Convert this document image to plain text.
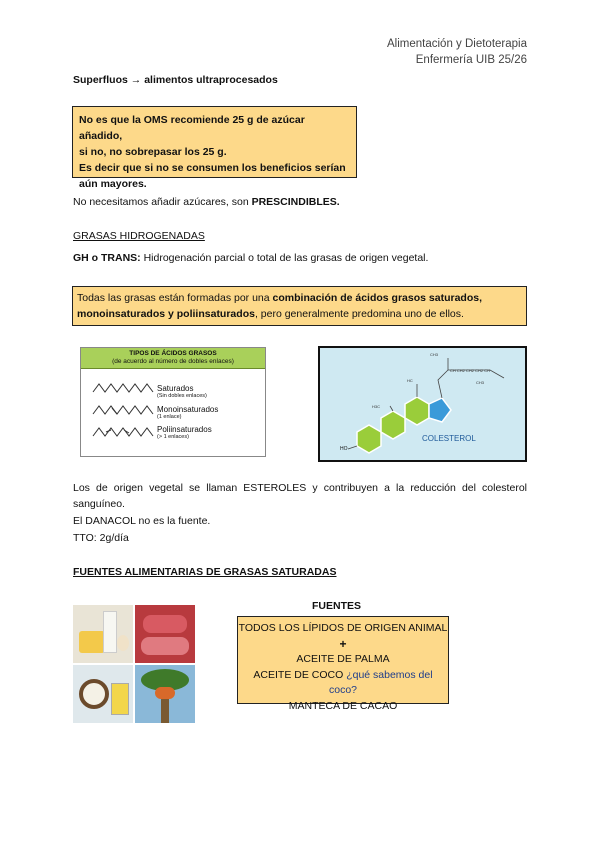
Alimentación y Dietoterapia
Enfermería UIB 25/26
Superfluos → alimentos ultraprocesados
No es que la OMS recomiende 25 g de azúcar añadido,
si no, no sobrepasar los 25 g.
Es decir que si no se consumen los beneficios serían
aún mayores.
No necesitamos añadir azúcares, son PRESCINDIBLES.
GRASAS HIDROGENADAS
GH o TRANS: Hidrogenación parcial o total de las grasas de origen vegetal.
Todas las grasas están formadas por una combinación de ácidos grasos saturados,
monoinsaturados y poliinsaturados, pero generalmente predomina uno de ellos.
TIPOS DE ÁCIDOS GRASOS
(de acuerdo al número de dobles enlaces)
Saturados
(Sin dobles enlaces)
Monoinsaturados
(1 enlace)
Poliinsaturados
(> 1 enlaces)
CH3
HC
CH CH2 CH2 CH2 CH
CH3
H3C
HO
COLESTEROL
Los de origen vegetal se llaman ESTEROLES y contribuyen a la reducción del colesterol
sanguíneo.
El DANACOL no es la fuente.
TTO: 2g/día
FUENTES ALIMENTARIAS DE GRASAS SATURADAS
FUENTES
TODOS LOS LÍPIDOS DE ORIGEN ANIMAL
+
ACEITE DE PALMA
ACEITE DE COCO ¿qué sabemos del coco?
MANTECA DE CACAO
